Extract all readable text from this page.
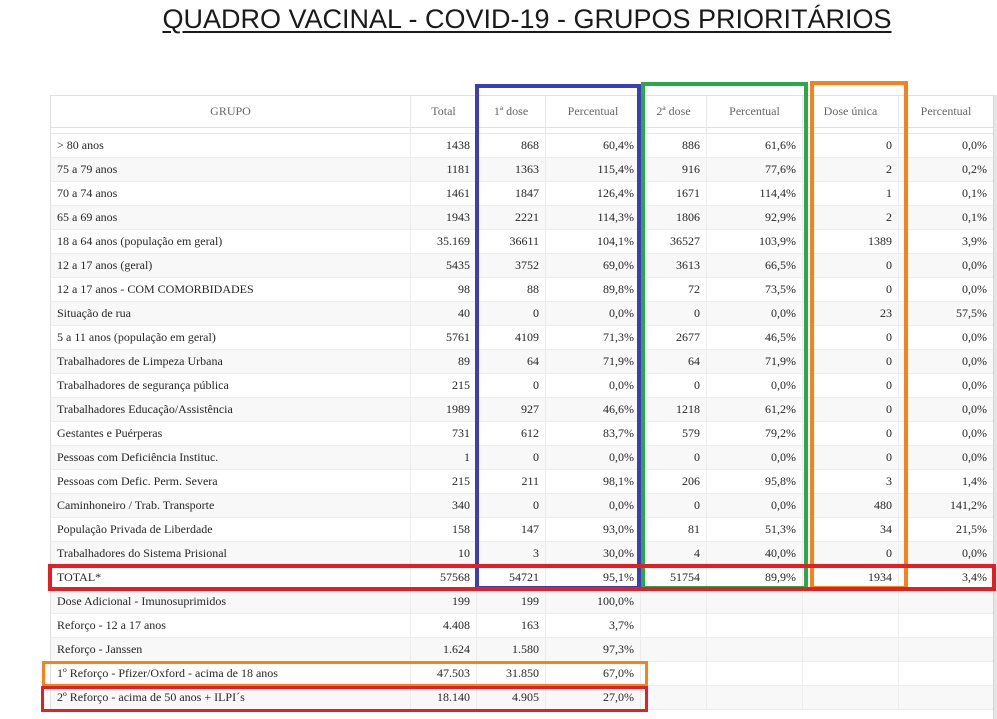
QUADRO VACINAL - COVID-19 - GRUPOS PRIORITÁRIOS
GRUPO	Total	1ª dose	Percentual	2ª dose	Percentual	Dose única	Percentual

> 80 anos	1438	868	60,4%	886	61,6%	0	0,0%
75 a 79 anos	1181	1363	115,4%	916	77,6%	2	0,2%
70 a 74 anos	1461	1847	126,4%	1671	114,4%	1	0,1%
65 a 69 anos	1943	2221	114,3%	1806	92,9%	2	0,1%
18 a 64 anos (população em geral)	35.169	36611	104,1%	36527	103,9%	1389	3,9%
12 a 17 anos (geral)	5435	3752	69,0%	3613	66,5%	0	0,0%
12 a 17 anos - COM COMORBIDADES	98	88	89,8%	72	73,5%	0	0,0%
Situação de rua	40	0	0,0%	0	0,0%	23	57,5%
5 a 11 anos (população em geral)	5761	4109	71,3%	2677	46,5%	0	0,0%
Trabalhadores de Limpeza Urbana	89	64	71,9%	64	71,9%	0	0,0%
Trabalhadores de segurança pública	215	0	0,0%	0	0,0%	0	0,0%
Trabalhadores Educação/Assistência	1989	927	46,6%	1218	61,2%	0	0,0%
Gestantes e Puérperas	731	612	83,7%	579	79,2%	0	0,0%
Pessoas com Deficiência Instituc.	1	0	0,0%	0	0,0%	0	0,0%
Pessoas com Defic. Perm. Severa	215	211	98,1%	206	95,8%	3	1,4%
Caminhoneiro / Trab. Transporte	340	0	0,0%	0	0,0%	480	141,2%
População Privada de Liberdade	158	147	93,0%	81	51,3%	34	21,5%
Trabalhadores do Sistema Prisional	10	3	30,0%	4	40,0%	0	0,0%
TOTAL*	57568	54721	95,1%	51754	89,9%	1934	3,4%
Dose Adicional - Imunosuprimidos	199	199	100,0%				
Reforço - 12 a 17 anos	4.408	163	3,7%				
Reforço - Janssen	1.624	1.580	97,3%				
1º Reforço - Pfizer/Oxford - acima de 18 anos	47.503	31.850	67,0%				
2º Reforço - acima de 50 anos + ILPI´s	18.140	4.905	27,0%				
